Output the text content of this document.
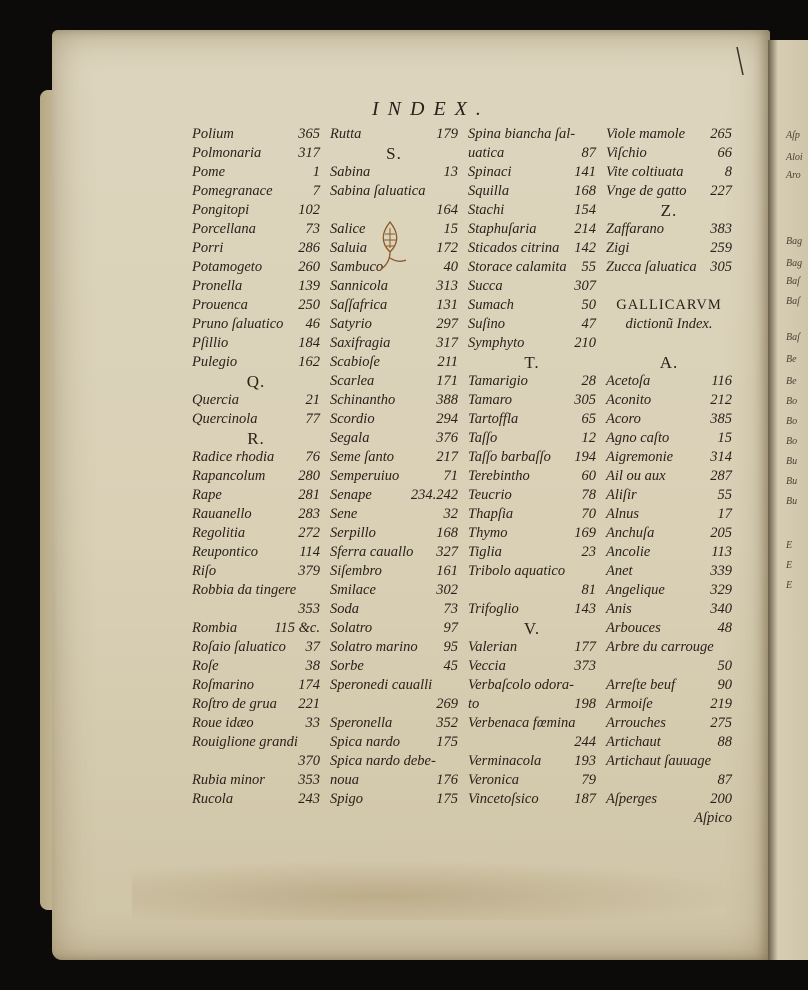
Aſp
Aloi
Aro
Bag
Bag
Baſ
Baſ
Baſ
Be
Be
Bo
Bo
Bo
Bu
Bu
Bu
E
E
E
INDEX.
Polium	365
Polmonaria	317
Pome	1
Pomegranace	7
Pongitopi	102
Porcellana	73
Porri	286
Potamogeto 260
Pronella	139
Prouenca	250
Pruno ſaluatico 46
Pſillio	184
Pulegio	162
Q.
Quercia	21
Quercinola	77
R.
Radice rhodia 76
Rapancolum 280
Rape	281
Rauanello	283
Regolitia	272
Reupontico	114
Riſo	379
Robbia da tingere
353
Rombia	115 &c.
Roſaio ſaluatico 37
Roſe	38
Roſmarino	174
Roſtro de grua 221
Roue idæo	33
Rouiglione grandi
370
Rubia minor 353
Rucola	243
Rutta	179
S.
Sabina	13
Sabina ſaluatica
164
Salice	15
Saluia	172
Sambuco	40
Sannicola	313
Saſſafrica	131
Satyrio	297
Saxifragia	317
Scabioſe	211
Scarlea	171
Schinantho	388
Scordio	294
Segala	376
Seme ſanto	217
Semperuiuo	71
Senape	234.242
Sene	32
Serpillo	168
Sferra cauallo 327
Siſembro	161
Smilace	302
Soda	73
Solatro	97
Solatro marino 95
Sorbe	45
Speronedi caualli
269
Speronella	352
Spica nardo	175
Spica nardo debe-
noua	176
Spigo	175
Spina biancha ſal-
uatica	87
Spinaci	141
Squilla	168
Stachi	154
Staphuſaria	214
Sticados citrina 142
Storace calamita 55
Succa	307
Sumach	50
Suſino	47
Symphyto	210
T.
Tamarigio	28
Tamaro	305
Tartoffla	65
Taſſo	12
Taſſo barbaſſo 194
Terebintho	60
Teucrio	78
Thapſia	70
Thymo	169
Tiglia	23
Tribolo aquatico
81
Trifoglio	143
V.
Valerian	177
Veccia	373
Verbaſcolo odora-
to	198
Verbenaca fœmina
244
Verminacola 193
Veronica	79
Vincetoſsico 187
Viole mamole 265
Viſchio	66
Vite coltiuata	8
Vnge de gatto 227
Z.
Zaffarano	383
Zigi	259
Zucca ſaluatica 305
GALLICARVM
dictionũ Index.
A.
Acetoſa	116
Aconito	212
Acoro	385
Agno caſto	15
Aigremonie	314
Ail ou aux	287
Aliſir	55
Alnus	17
Anchuſa	205
Ancolie	113
Anet	339
Angelique	329
Anis	340
Arbouces	48
Arbre du carrouge
50
Arreſte beuf	90
Armoiſe	219
Arrouches	275
Artichaut	88
Artichaut ſauuage
87
Aſperges	200
Aſpico
